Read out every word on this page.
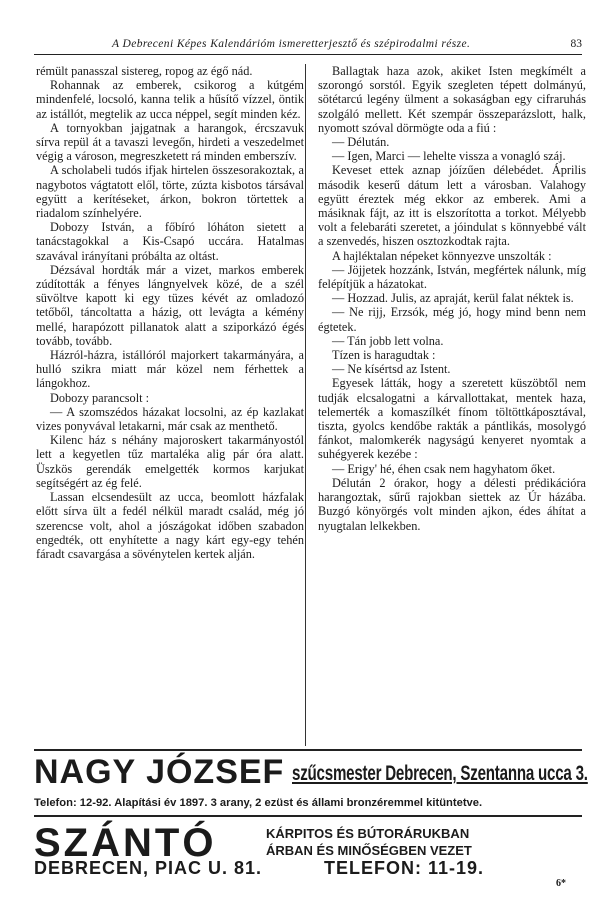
A Debreceni Képes Kalendárióm ismeretterjesztő és szépirodalmi része.	83

rémült panasszal sistereg, ropog az égő nád.

Rohannak az emberek, csikorog a kútgém mindenfelé, locsoló, kanna telik a hűsítő vízzel, öntik az istállót, megtelik az ucca néppel, segít minden kéz.

A tornyokban jajgatnak a harangok, ércszavuk sírva repül át a tavaszi levegőn, hirdeti a veszedelmet végig a városon, megreszketett rá minden emberszív.

A scholabeli tudós ifjak hirtelen összesorakoztak, a nagybotos vágtatott elől, törte, zúzta kisbotos társával együtt a kerítéseket, árkon, bokron törtettek a riadalom színhelyére.

Dobozy István, a főbíró lóháton sietett a tanácstagokkal a Kis-Csapó uccára. Hatalmas szavával irányítani próbálta az oltást.

Dézsával hordták már a vizet, markos emberek zúdították a fényes lángnyelvek közé, de a szél süvöltve kapott ki egy tüzes kévét az omladozó tetőből, táncoltatta a házig, ott levágta a kémény mellé, harapózott pillanatok alatt a sziporkázó égés tovább, tovább.

Házról-házra, istállóról majorkert takarmányára, a hulló szikra miatt már közel nem férhettek a lángokhoz.

Dobozy parancsolt :

— A szomszédos házakat locsolni, az ép kazlakat vizes ponyvával letakarni, már csak az menthető.

Kilenc ház s néhány majoroskert takarmányostól lett a kegyetlen tűz martaléka alig pár óra alatt. Üszkös gerendák emelgették kormos karjukat segítségért az ég felé.

Lassan elcsendesült az ucca, beomlott házfalak előtt sírva ült a fedél nélkül maradt család, még jó szerencse volt, ahol a jószágokat időben szabadon engedték, ott enyhítette a nagy kárt egy-egy tehén fáradt csavargása a sövénytelen kertek alján.

Ballagtak haza azok, akiket Isten megkímélt a szorongó sorstól. Egyik szegleten tépett dolmányú, sötétarcú legény ülment a sokaságban egy cifraruhás szolgáló mellett. Két szempár összeparázslott, halk, nyomott szóval dörmögte oda a fiú :

— Délután.

— Igen, Marci — lehelte vissza a vonagló száj.

Keveset ettek aznap jóízűen délebédet. Április második keserű dátum lett a városban. Valahogy együtt éreztek még ekkor az emberek. Ami a másiknak fájt, az itt is elszorította a torkot. Mélyebb volt a felebaráti szeretet, a jóindulat s könnyebbé vált a szenvedés, hiszen osztozkodtak rajta.

A hajléktalan népeket könnyezve unszolták :

— Jöjjetek hozzánk, István, megfértek nálunk, míg felépítjük a házatokat.

— Hozzad. Julis, az apraját, kerül falat néktek is.

— Ne rijj, Erzsók, még jó, hogy mind benn nem égtetek.

— Tán jobb lett volna.

Tízen is haragudtak :

— Ne kísértsd az Istent.

Egyesek látták, hogy a szeretett küszöbtől nem tudják elcsalogatni a kárvallottakat, mentek haza, telemerték a komaszílkét fínom töltöttkáposztával, tiszta, gyolcs kendőbe rakták a pántlikás, mosolygó fánkot, malomkerék nagyságú kenyeret nyomtak a suhégyerek kezébe :

— Erigy' hé, éhen csak nem hagyhatom őket.

Délután 2 órakor, hogy a délesti prédikációra harangoztak, sűrű rajokban siettek az Úr házába. Buzgó könyörgés volt minden ajkon, édes áhítat a nyugtalan lelkekben.

NAGY JÓZSEF szűcsmester Debrecen, Szentanna ucca 3.
Telefon: 12-92. Alapítási év 1897. 3 arany, 2 ezüst és állami bronzéremmel kitüntetve.
SZÁNTÓ	KÁRPITOS ÉS BÚTORÁRUKBAN
ÁRBAN ÉS MINŐSÉGBEN VEZET
DEBRECEN, PIAC U. 81.	TELEFON: 11-19.
6*
